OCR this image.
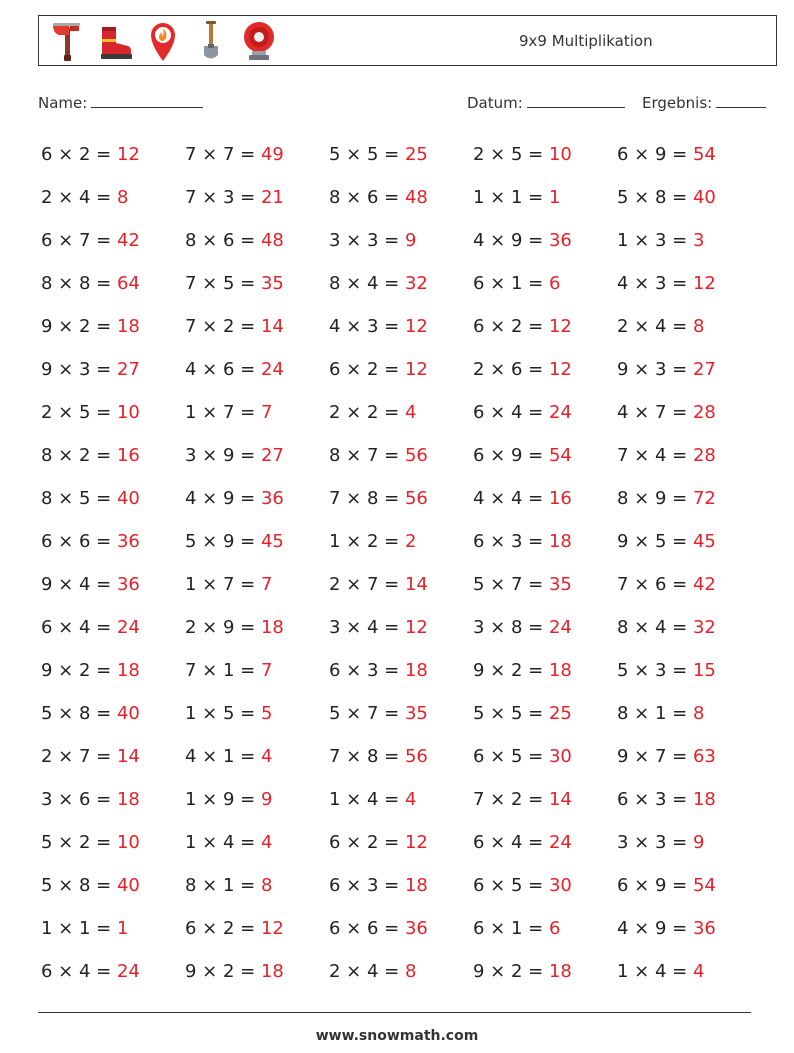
9x9 Multiplikation
Name:	Datum:	Ergebnis:
6 × 2 = 12	7 × 7 = 49	5 × 5 = 25	2 × 5 = 10	6 × 9 = 54
2 × 4 = 8	7 × 3 = 21	8 × 6 = 48	1 × 1 = 1	5 × 8 = 40
6 × 7 = 42	8 × 6 = 48	3 × 3 = 9	4 × 9 = 36	1 × 3 = 3
8 × 8 = 64	7 × 5 = 35	8 × 4 = 32	6 × 1 = 6	4 × 3 = 12
9 × 2 = 18	7 × 2 = 14	4 × 3 = 12	6 × 2 = 12	2 × 4 = 8
9 × 3 = 27	4 × 6 = 24	6 × 2 = 12	2 × 6 = 12	9 × 3 = 27
2 × 5 = 10	1 × 7 = 7	2 × 2 = 4	6 × 4 = 24	4 × 7 = 28
8 × 2 = 16	3 × 9 = 27	8 × 7 = 56	6 × 9 = 54	7 × 4 = 28
8 × 5 = 40	4 × 9 = 36	7 × 8 = 56	4 × 4 = 16	8 × 9 = 72
6 × 6 = 36	5 × 9 = 45	1 × 2 = 2	6 × 3 = 18	9 × 5 = 45
9 × 4 = 36	1 × 7 = 7	2 × 7 = 14	5 × 7 = 35	7 × 6 = 42
6 × 4 = 24	2 × 9 = 18	3 × 4 = 12	3 × 8 = 24	8 × 4 = 32
9 × 2 = 18	7 × 1 = 7	6 × 3 = 18	9 × 2 = 18	5 × 3 = 15
5 × 8 = 40	1 × 5 = 5	5 × 7 = 35	5 × 5 = 25	8 × 1 = 8
2 × 7 = 14	4 × 1 = 4	7 × 8 = 56	6 × 5 = 30	9 × 7 = 63
3 × 6 = 18	1 × 9 = 9	1 × 4 = 4	7 × 2 = 14	6 × 3 = 18
5 × 2 = 10	1 × 4 = 4	6 × 2 = 12	6 × 4 = 24	3 × 3 = 9
5 × 8 = 40	8 × 1 = 8	6 × 3 = 18	6 × 5 = 30	6 × 9 = 54
1 × 1 = 1	6 × 2 = 12	6 × 6 = 36	6 × 1 = 6	4 × 9 = 36
6 × 4 = 24	9 × 2 = 18	2 × 4 = 8	9 × 2 = 18	1 × 4 = 4
www.snowmath.com
